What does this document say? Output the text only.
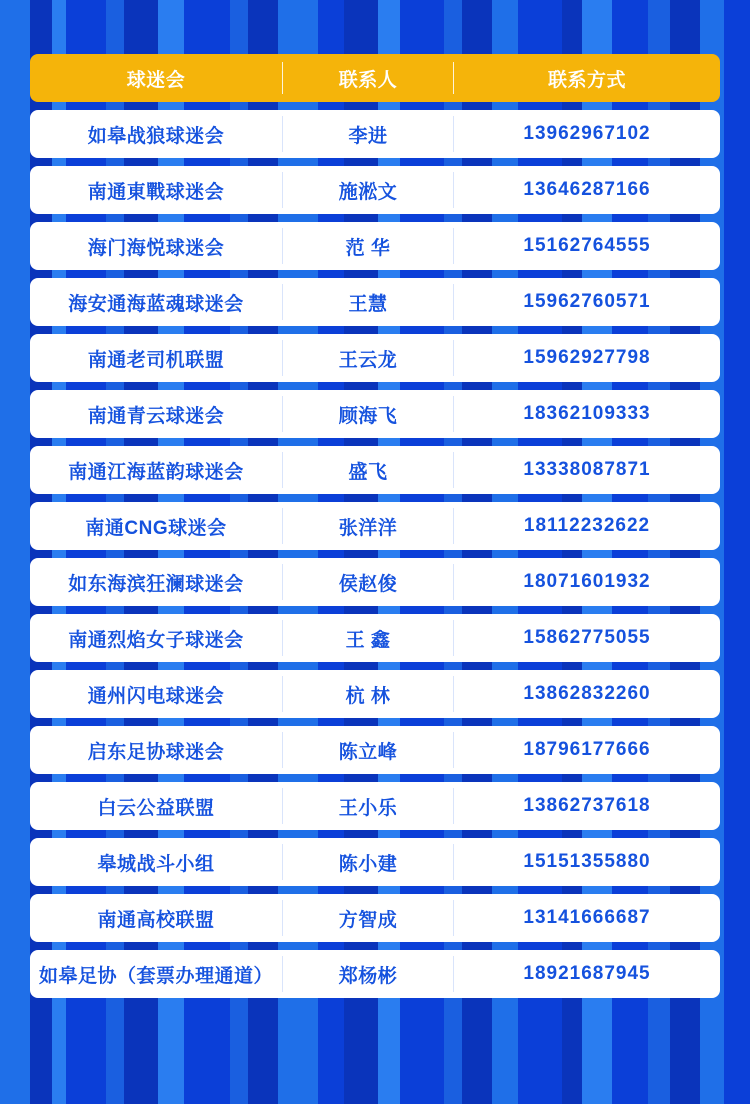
球迷会	联系人	联系方式
如皋战狼球迷会	李进	13962967102
南通東戰球迷会	施淞文	13646287166
海门海悦球迷会	范 华	15162764555
海安通海蓝魂球迷会	王慧	15962760571
南通老司机联盟	王云龙	15962927798
南通青云球迷会	顾海飞	18362109333
南通江海蓝韵球迷会	盛飞	13338087871
南通CNG球迷会	张洋洋	18112232622
如东海滨狂澜球迷会	侯赵俊	18071601932
南通烈焰女子球迷会	王 鑫	15862775055
通州闪电球迷会	杭 林	13862832260
启东足协球迷会	陈立峰	18796177666
白云公益联盟	王小乐	13862737618
皋城战斗小组	陈小建	15151355880
南通高校联盟	方智成	13141666687
如皋足协（套票办理通道）	郑杨彬	18921687945
